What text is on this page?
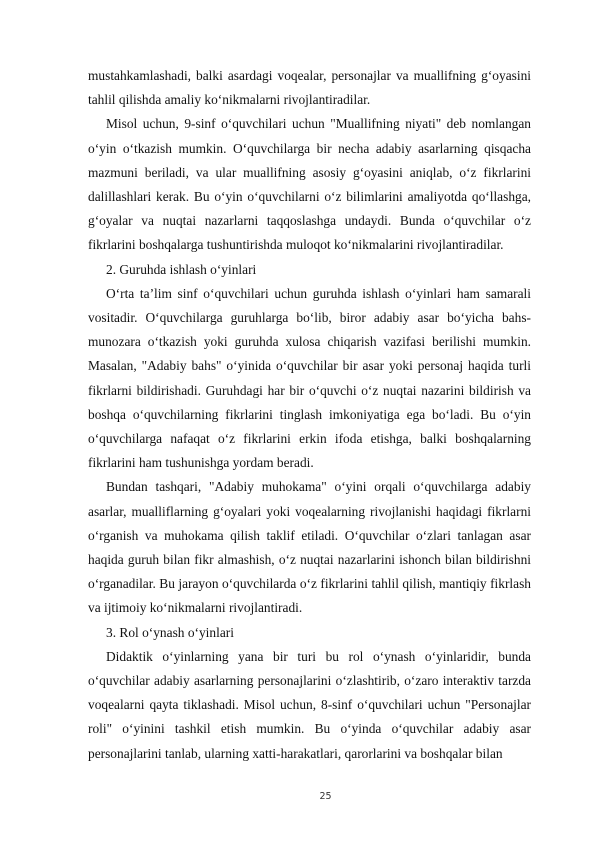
mustahkamlashadi, balki asardagi voqealar, personajlar va muallifning g‘oyasini tahlil qilishda amaliy ko‘nikmalarni rivojlantiradilar.

Misol uchun, 9-sinf o‘quvchilari uchun "Muallifning niyati" deb nomlangan o‘yin o‘tkazish mumkin. O‘quvchilarga bir necha adabiy asarlarning qisqacha mazmuni beriladi, va ular muallifning asosiy g‘oyasini aniqlab, o‘z fikrlarini dalillashlari kerak. Bu o‘yin o‘quvchilarni o‘z bilimlarini amaliyotda qo‘llashga, g‘oyalar va nuqtai nazarlarni taqqoslashga undaydi. Bunda o‘quvchilar o‘z fikrlarini boshqalarga tushuntirishda muloqot ko‘nikmalarini rivojlantiradilar.

2. Guruhda ishlash o‘yinlari

O‘rta ta’lim sinf o‘quvchilari uchun guruhda ishlash o‘yinlari ham samarali vositadir. O‘quvchilarga guruhlarga bo‘lib, biror adabiy asar bo‘yicha bahs-munozara o‘tkazish yoki guruhda xulosa chiqarish vazifasi berilishi mumkin. Masalan, "Adabiy bahs" o‘yinida o‘quvchilar bir asar yoki personaj haqida turli fikrlarni bildirishadi. Guruhdagi har bir o‘quvchi o‘z nuqtai nazarini bildirish va boshqa o‘quvchilarning fikrlarini tinglash imkoniyatiga ega bo‘ladi. Bu o‘yin o‘quvchilarga nafaqat o‘z fikrlarini erkin ifoda etishga, balki boshqalarning fikrlarini ham tushunishga yordam beradi.

Bundan tashqari, "Adabiy muhokama" o‘yini orqali o‘quvchilarga adabiy asarlar, mualliflarning g‘oyalari yoki voqealarning rivojlanishi haqidagi fikrlarni o‘rganish va muhokama qilish taklif etiladi. O‘quvchilar o‘zlari tanlagan asar haqida guruh bilan fikr almashish, o‘z nuqtai nazarlarini ishonch bilan bildirishni o‘rganadilar. Bu jarayon o‘quvchilarda o‘z fikrlarini tahlil qilish, mantiqiy fikrlash va ijtimoiy ko‘nikmalarni rivojlantiradi.

3. Rol o‘ynash o‘yinlari

Didaktik o‘yinlarning yana bir turi bu rol o‘ynash o‘yinlaridir, bunda o‘quvchilar adabiy asarlarning personajlarini o‘zlashtirib, o‘zaro interaktiv tarzda voqealarni qayta tiklashadi. Misol uchun, 8-sinf o‘quvchilari uchun "Personajlar roli" o‘yinini tashkil etish mumkin. Bu o‘yinda o‘quvchilar adabiy asar personajlarini tanlab, ularning xatti-harakatlari, qarorlarini va boshqalar bilan

25
